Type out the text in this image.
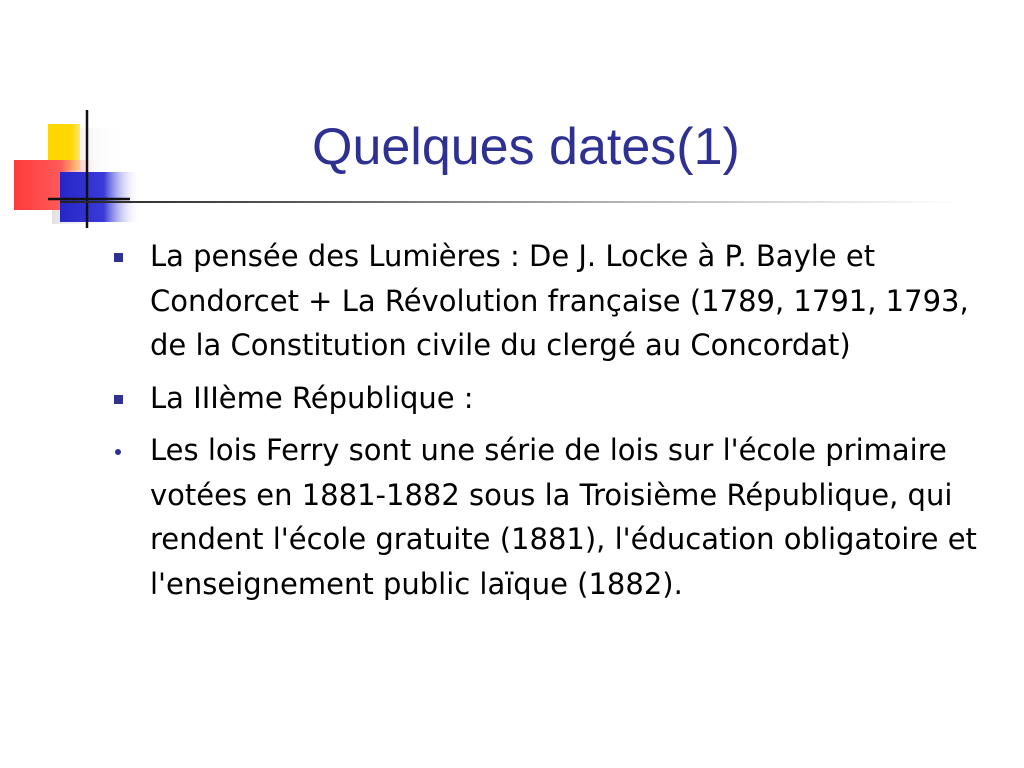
Quelques dates(1)
La pensée des Lumières : De J. Locke à P. Bayle et Condorcet + La Révolution française (1789, 1791, 1793, de la Constitution civile du clergé au Concordat)
La IIIème République :
Les lois Ferry sont une série de lois sur l'école primaire votées en 1881-1882 sous la Troisième République, qui rendent l'école gratuite (1881), l'éducation obligatoire et l'enseignement public laïque (1882).
